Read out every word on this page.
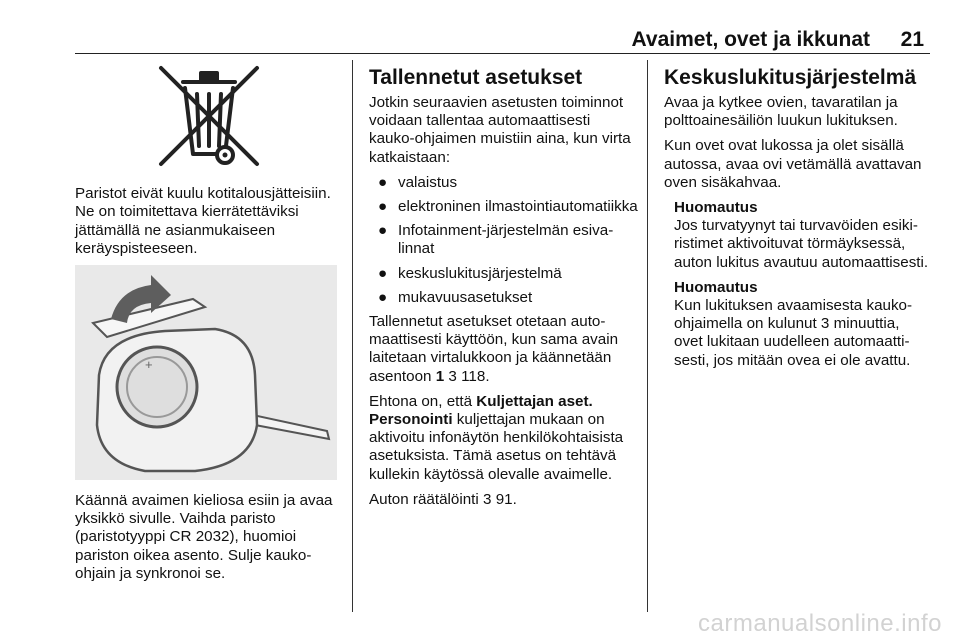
Avaimet, ovet ja ikkunat 21

Paristot eivät kuulu kotitalousjätteisiin. Ne on toimitettava kierrätettäviksi jättämällä ne asianmukaiseen keräyspisteeseen.

+

Käännä avaimen kieliosa esiin ja avaa yksikkö sivulle. Vaihda paristo (paristotyyppi CR 2032), huomioi pariston oikea asento. Sulje kaukoohjain ja synkronoi se.

Tallennetut asetukset

Jotkin seuraavien asetusten toiminnot voidaan tallentaa automaattisesti kauko-ohjaimen muistiin aina, kun virta katkaistaan:

● valaistus
● elektroninen ilmastointiautomatiikka
● Infotainment-järjestelmän esivalinnat
● keskuslukitusjärjestelmä
● mukavuusasetukset

Tallennetut asetukset otetaan automaattisesti käyttöön, kun sama avain laitetaan virtalukkoon ja käännetään asentoon 1 3 118.

Ehtona on, että Kuljettajan aset. Personointi kuljettajan mukaan on aktivoitu infonäytön henkilökohtaisista asetuksista. Tämä asetus on tehtävä kullekin käytössä olevalle avaimelle.

Auton räätälöinti 3 91.

Keskuslukitusjärjestelmä

Avaa ja kytkee ovien, tavaratilan ja polttoainesäiliön luukun lukituksen.

Kun ovet ovat lukossa ja olet sisällä autossa, avaa ovi vetämällä avattavan oven sisäkahvaa.

Huomautus
Jos turvatyynyt tai turvavöiden esikiristimet aktivoituvat törmäyksessä, auton lukitus avautuu automaattisesti.
Huomautus
Kun lukituksen avaamisesta kaukoohjaimella on kulunut 3 minuuttia, ovet lukitaan uudelleen automaattisesti, jos mitään ovea ei ole avattu.
carmanualsonline.info
